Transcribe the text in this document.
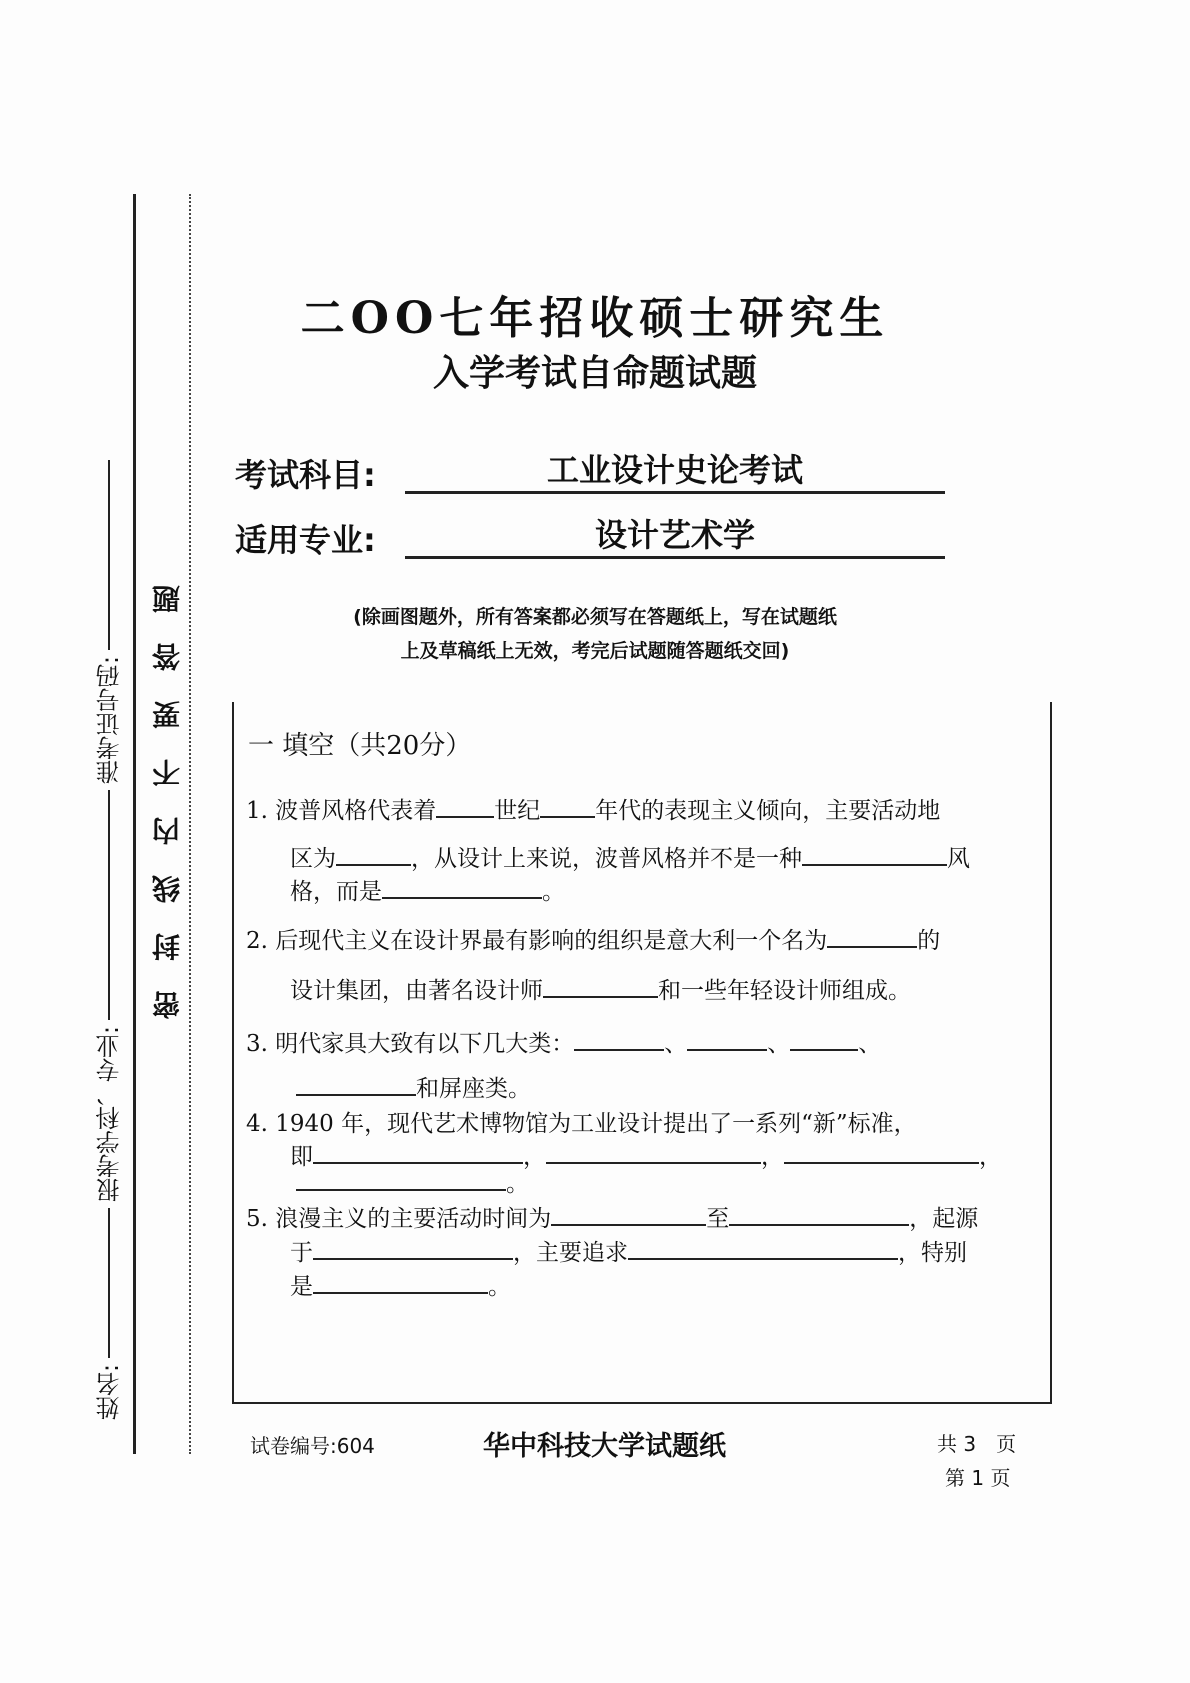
姓名:
报考学科、专业:
准考证号码: 密封线内不要答题
二OO七年招收硕士研究生
入学考试自命题试题
考试科目:	工业设计史论考试
适用专业:	设计艺术学
(除画图题外，所有答案都必须写在答题纸上，写在试题纸
上及草稿纸上无效，考完后试题随答题纸交回)
一 填空（共20分）
1. 波普风格代表着	世纪 年代的表现主义倾向，主要活动地
区为	，从设计上来说，波普风格并不是一种	风
格，而是	。
2. 后现代主义在设计界最有影响的组织是意大利一个名为	的
设计集团，由著名设计师	和一些年轻设计师组成。
3. 明代家具大致有以下几大类：	、	、	、
和屏座类。
4. 1940 年，现代艺术博物馆为工业设计提出了一系列“新”标准，
即	，	，	，
。
5. 浪漫主义的主要活动时间为	至	，起源
于	，主要追求	，特别
是	。
试卷编号:604	华中科技大学试题纸	共 3　页
第 1 页
